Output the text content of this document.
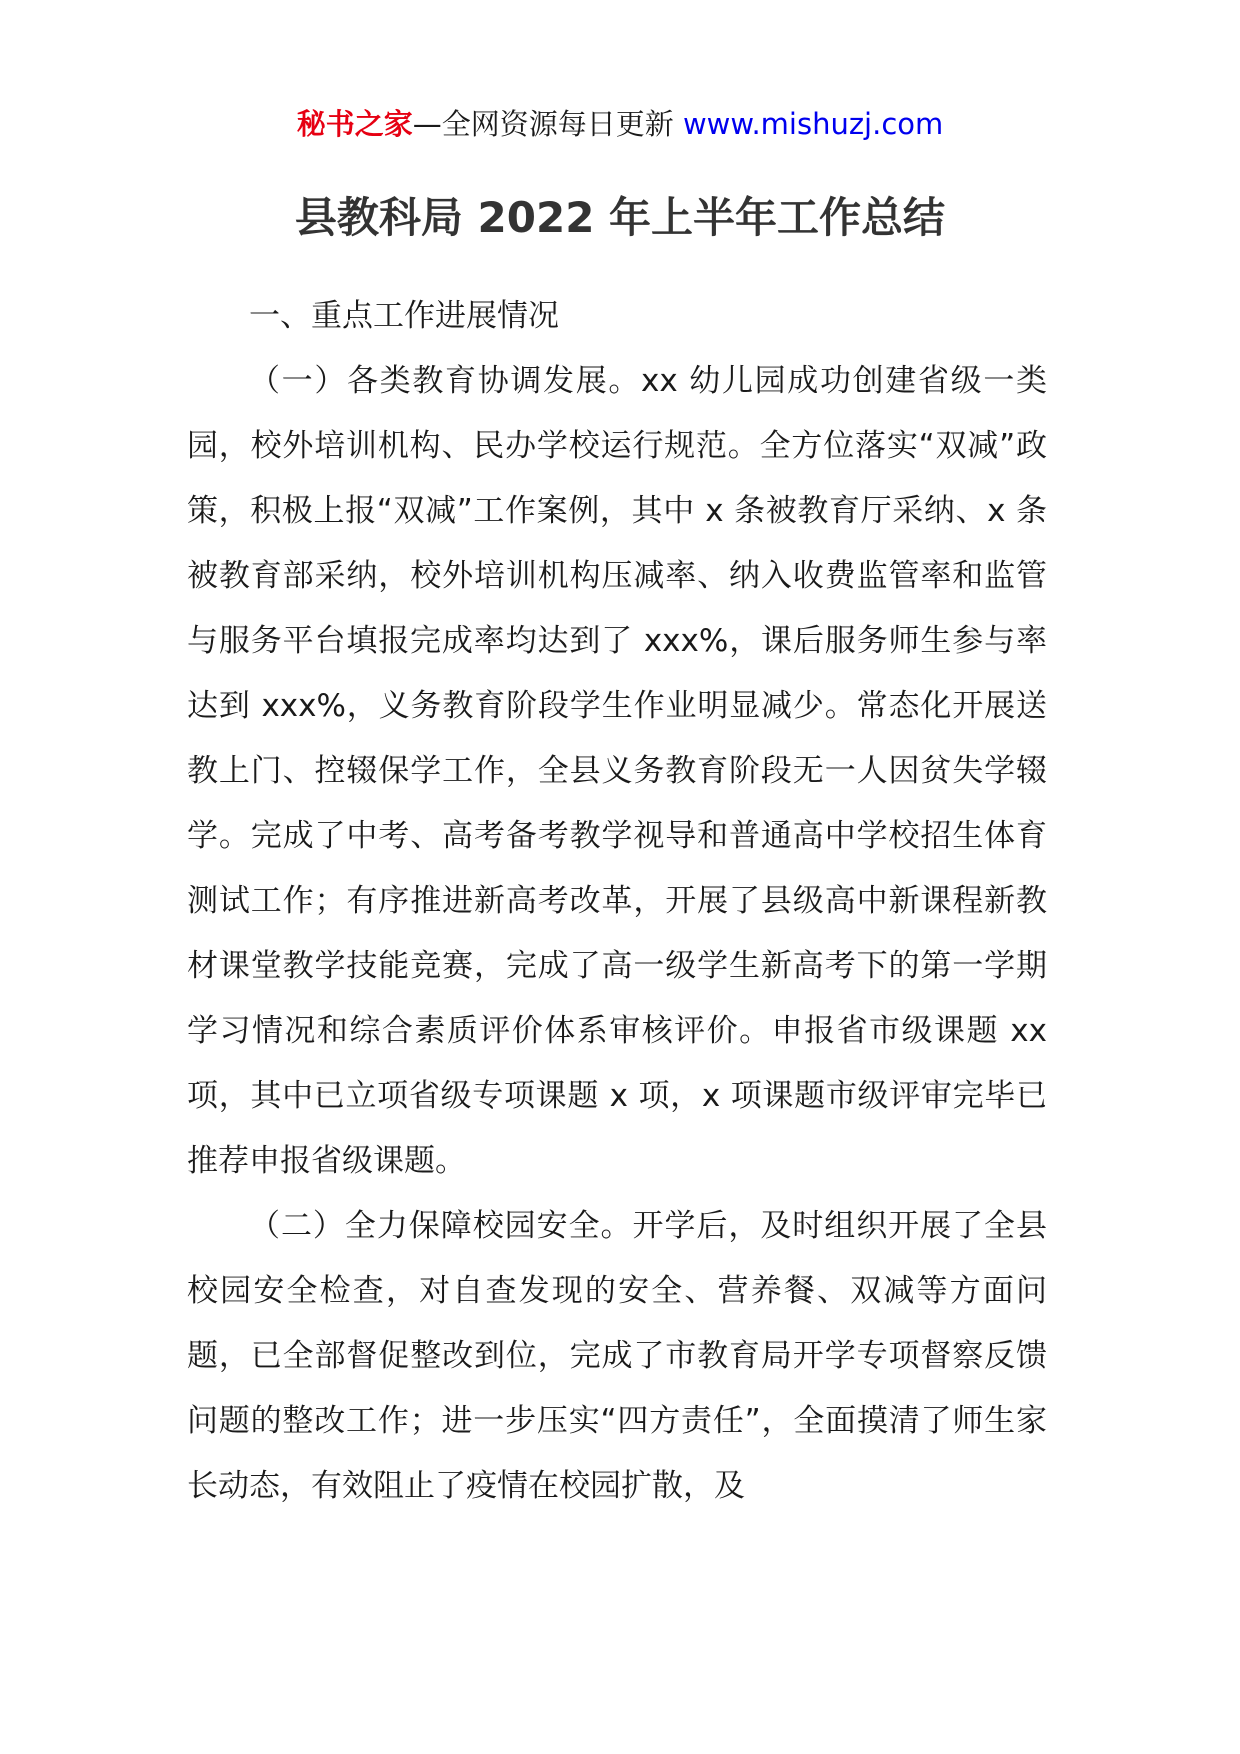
秘书之家—全网资源每日更新 www.mishuzj.com
县教科局 2022 年上半年工作总结

一、重点工作进展情况

（一）各类教育协调发展。xx 幼儿园成功创建省级一类园，校外培训机构、民办学校运行规范。全方位落实“双减”政策，积极上报“双减”工作案例，其中 x 条被教育厅采纳、x 条被教育部采纳，校外培训机构压减率、纳入收费监管率和监管与服务平台填报完成率均达到了 xxx%，课后服务师生参与率达到 xxx%，义务教育阶段学生作业明显减少。常态化开展送教上门、控辍保学工作，全县义务教育阶段无一人因贫失学辍学。完成了中考、高考备考教学视导和普通高中学校招生体育测试工作；有序推进新高考改革，开展了县级高中新课程新教材课堂教学技能竞赛，完成了高一级学生新高考下的第一学期学习情况和综合素质评价体系审核评价。申报省市级课题 xx 项，其中已立项省级专项课题 x 项，x 项课题市级评审完毕已推荐申报省级课题。

（二）全力保障校园安全。开学后，及时组织开展了全县校园安全检查，对自查发现的安全、营养餐、双减等方面问题，已全部督促整改到位，完成了市教育局开学专项督察反馈问题的整改工作；进一步压实“四方责任”，全面摸清了师生家长动态，有效阻止了疫情在校园扩散，及
